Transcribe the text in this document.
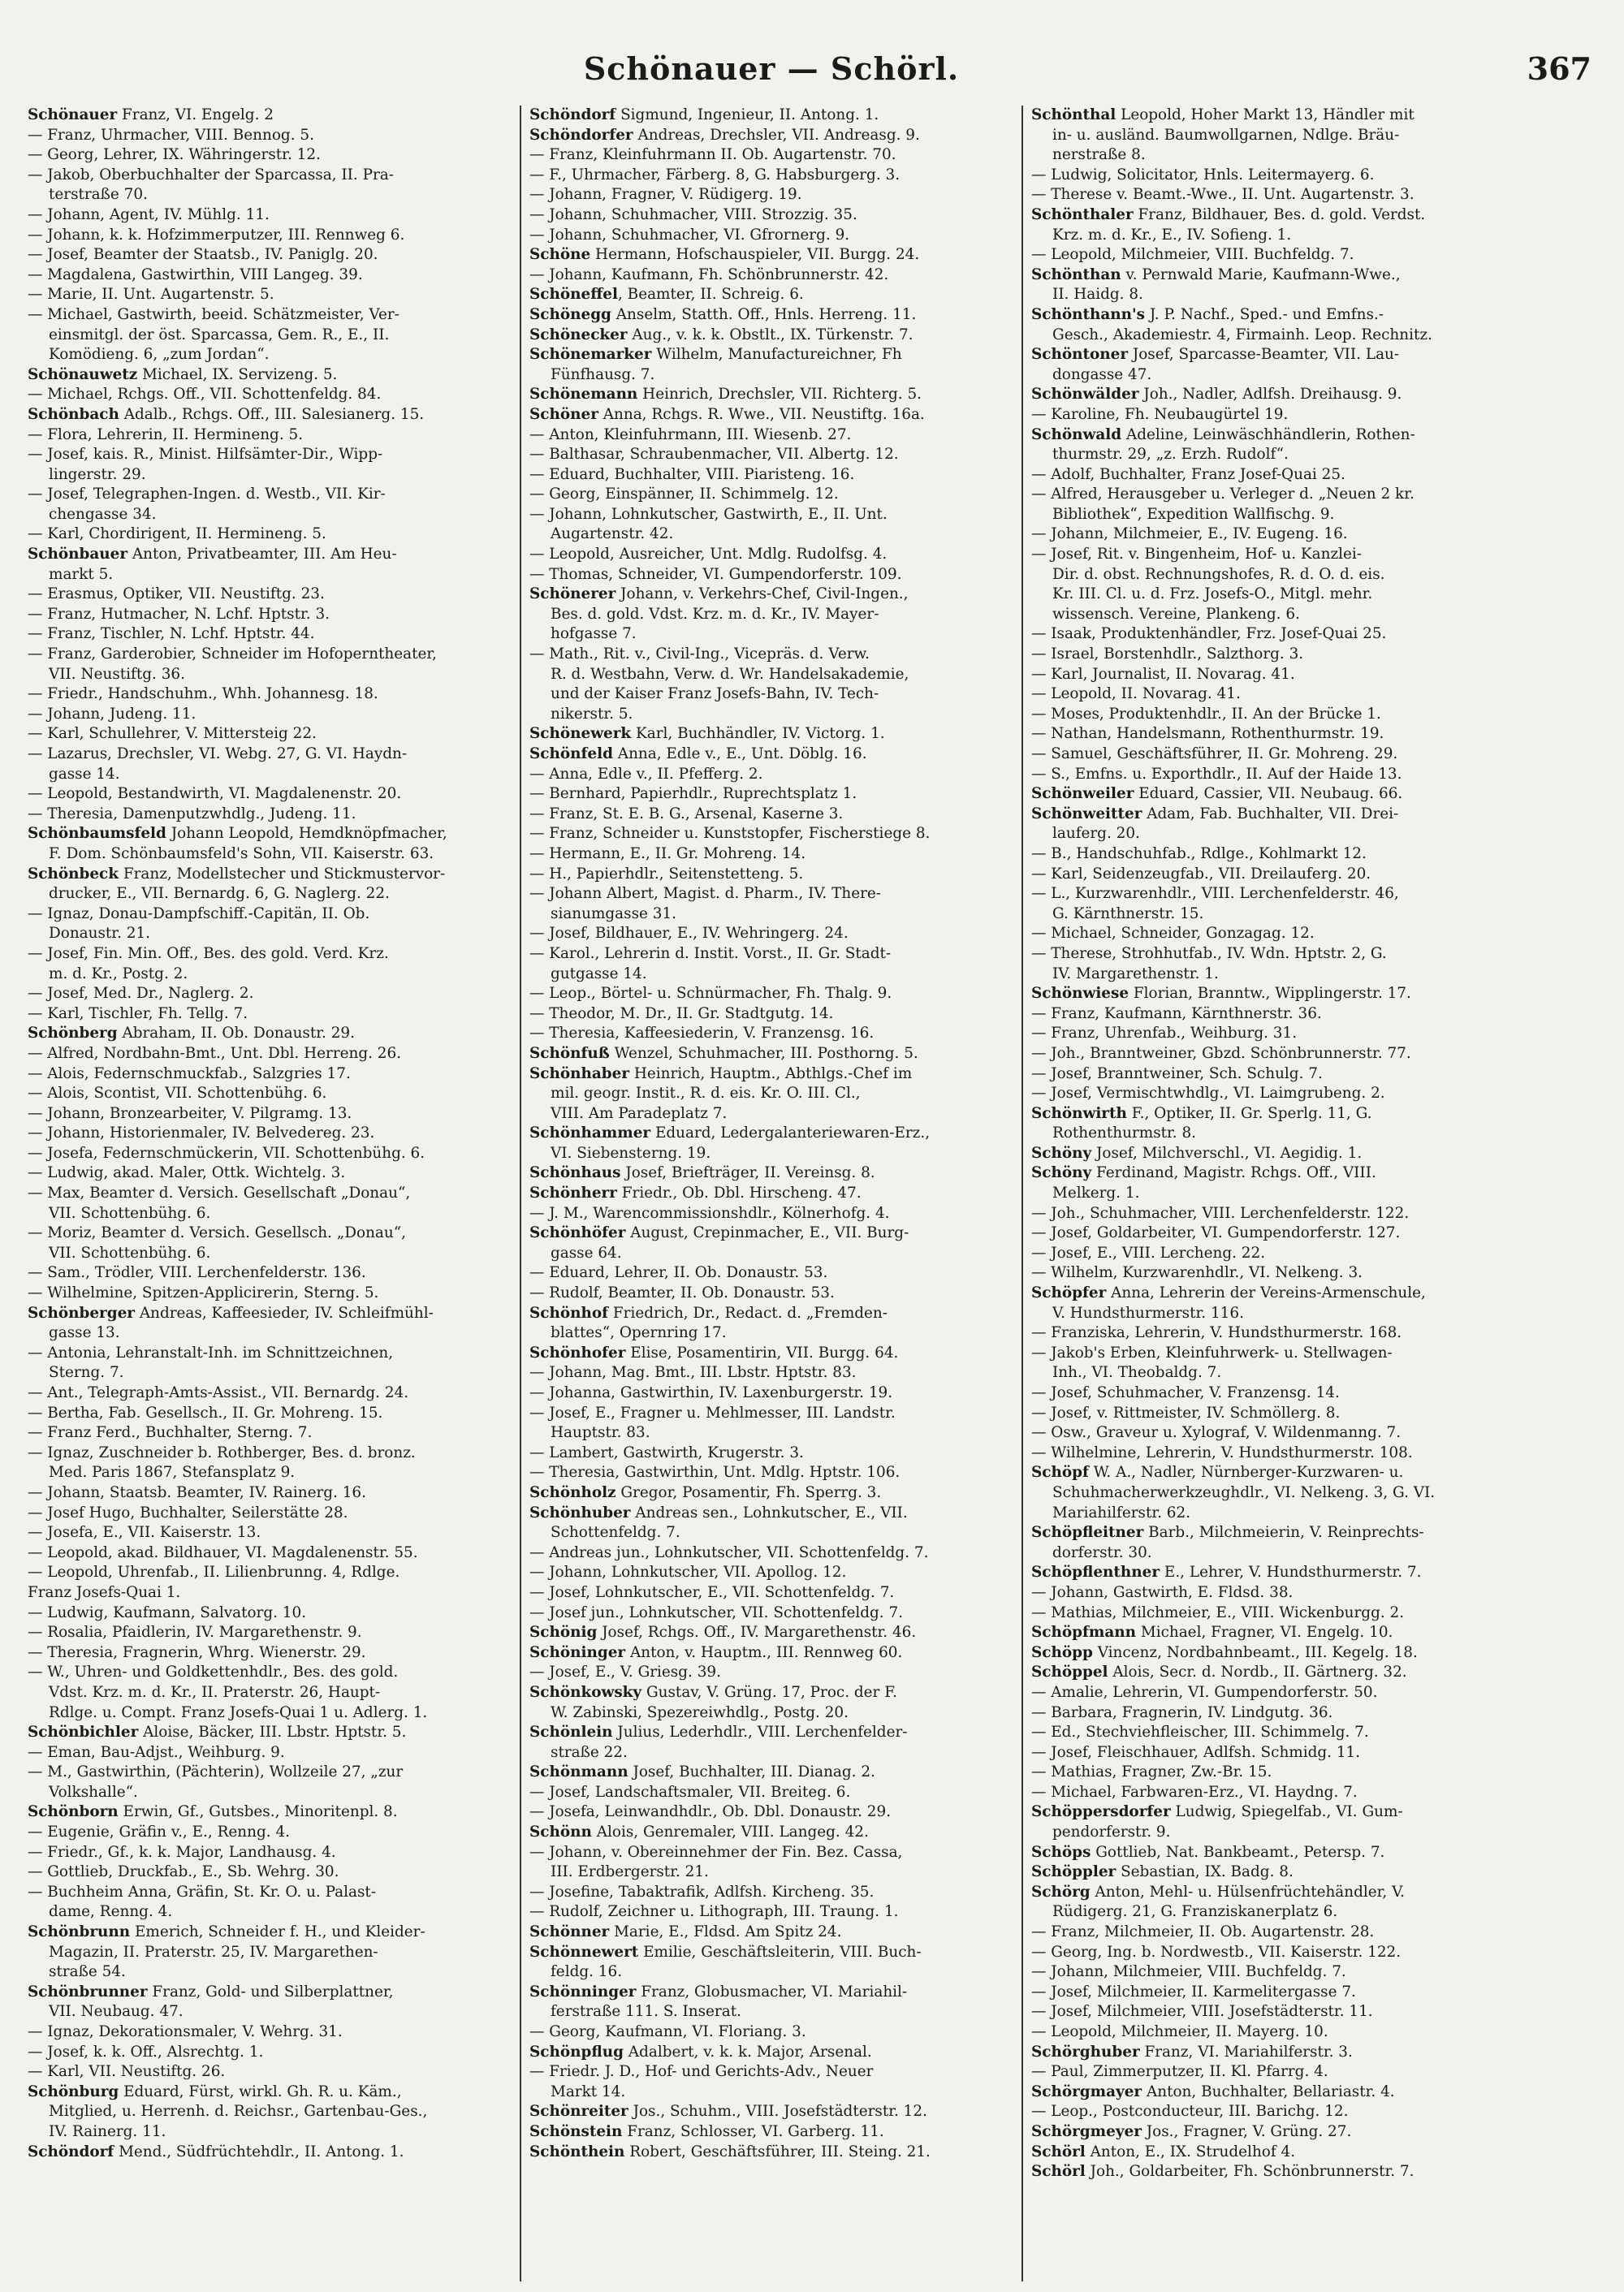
Schönauer — Schörl.	367
Schönauer Franz, VI. Engelg. 2
— Franz, Uhrmacher, VIII. Bennog. 5.
— Georg, Lehrer, IX. Währingerstr. 12.
— Jakob, Oberbuchhalter der Sparcassa, II. Pra-
terstraße 70.
— Johann, Agent, IV. Mühlg. 11.
— Johann, k. k. Hofzimmerputzer, III. Rennweg 6.
— Josef, Beamter der Staatsb., IV. Paniglg. 20.
— Magdalena, Gastwirthin, VIII Langeg. 39.
— Marie, II. Unt. Augartenstr. 5.
— Michael, Gastwirth, beeid. Schätzmeister, Ver-
einsmitgl. der öst. Sparcassa, Gem. R., E., II.
Komödieng. 6, „zum Jordan“.
Schönauwetz Michael, IX. Servizeng. 5.
— Michael, Rchgs. Off., VII. Schottenfeldg. 84.
Schönbach Adalb., Rchgs. Off., III. Salesianerg. 15.
— Flora, Lehrerin, II. Hermineng. 5.
— Josef, kais. R., Minist. Hilfsämter-Dir., Wipp-
lingerstr. 29.
— Josef, Telegraphen-Ingen. d. Westb., VII. Kir-
chengasse 34.
— Karl, Chordirigent, II. Hermineng. 5.
Schönbauer Anton, Privatbeamter, III. Am Heu-
markt 5.
— Erasmus, Optiker, VII. Neustiftg. 23.
— Franz, Hutmacher, N. Lchf. Hptstr. 3.
— Franz, Tischler, N. Lchf. Hptstr. 44.
— Franz, Garderobier, Schneider im Hofoperntheater,
VII. Neustiftg. 36.
— Friedr., Handschuhm., Whh. Johannesg. 18.
— Johann, Judeng. 11.
— Karl, Schullehrer, V. Mittersteig 22.
— Lazarus, Drechsler, VI. Webg. 27, G. VI. Haydn-
gasse 14.
— Leopold, Bestandwirth, VI. Magdalenenstr. 20.
— Theresia, Damenputzwhdlg., Judeng. 11.
Schönbaumsfeld Johann Leopold, Hemdknöpfmacher,
F. Dom. Schönbaumsfeld's Sohn, VII. Kaiserstr. 63.
Schönbeck Franz, Modellstecher und Stickmustervor-
drucker, E., VII. Bernardg. 6, G. Naglerg. 22.
— Ignaz, Donau-Dampfschiff.-Capitän, II. Ob.
Donaustr. 21.
— Josef, Fin. Min. Off., Bes. des gold. Verd. Krz.
m. d. Kr., Postg. 2.
— Josef, Med. Dr., Naglerg. 2.
— Karl, Tischler, Fh. Tellg. 7.
Schönberg Abraham, II. Ob. Donaustr. 29.
— Alfred, Nordbahn-Bmt., Unt. Dbl. Herreng. 26.
— Alois, Federnschmuckfab., Salzgries 17.
— Alois, Scontist, VII. Schottenbühg. 6.
— Johann, Bronzearbeiter, V. Pilgramg. 13.
— Johann, Historienmaler, IV. Belvedereg. 23.
— Josefa, Federnschmückerin, VII. Schottenbühg. 6.
— Ludwig, akad. Maler, Ottk. Wichtelg. 3.
— Max, Beamter d. Versich. Gesellschaft „Donau“,
VII. Schottenbühg. 6.
— Moriz, Beamter d. Versich. Gesellsch. „Donau“,
VII. Schottenbühg. 6.
— Sam., Trödler, VIII. Lerchenfelderstr. 136.
— Wilhelmine, Spitzen-Applicirerin, Sterng. 5.
Schönberger Andreas, Kaffeesieder, IV. Schleifmühl-
gasse 13.
— Antonia, Lehranstalt-Inh. im Schnittzeichnen,
Sterng. 7.
— Ant., Telegraph-Amts-Assist., VII. Bernardg. 24.
— Bertha, Fab. Gesellsch., II. Gr. Mohreng. 15.
— Franz Ferd., Buchhalter, Sterng. 7.
— Ignaz, Zuschneider b. Rothberger, Bes. d. bronz.
Med. Paris 1867, Stefansplatz 9.
— Johann, Staatsb. Beamter, IV. Rainerg. 16.
— Josef Hugo, Buchhalter, Seilerstätte 28.
— Josefa, E., VII. Kaiserstr. 13.
— Leopold, akad. Bildhauer, VI. Magdalenenstr. 55.
— Leopold, Uhrenfab., II. Lilienbrunng. 4, Rdlge.
Franz Josefs-Quai 1.
— Ludwig, Kaufmann, Salvatorg. 10.
— Rosalia, Pfaidlerin, IV. Margarethenstr. 9.
— Theresia, Fragnerin, Whrg. Wienerstr. 29.
— W., Uhren- und Goldkettenhdlr., Bes. des gold.
Vdst. Krz. m. d. Kr., II. Praterstr. 26, Haupt-
Rdlge. u. Compt. Franz Josefs-Quai 1 u. Adlerg. 1.
Schönbichler Aloise, Bäcker, III. Lbstr. Hptstr. 5.
— Eman, Bau-Adjst., Weihburg. 9.
— M., Gastwirthin, (Pächterin), Wollzeile 27, „zur
Volkshalle“.
Schönborn Erwin, Gf., Gutsbes., Minoritenpl. 8.
— Eugenie, Gräfin v., E., Renng. 4.
— Friedr., Gf., k. k. Major, Landhausg. 4.
— Gottlieb, Druckfab., E., Sb. Wehrg. 30.
— Buchheim Anna, Gräfin, St. Kr. O. u. Palast-
dame, Renng. 4.
Schönbrunn Emerich, Schneider f. H., und Kleider-
Magazin, II. Praterstr. 25, IV. Margarethen-
straße 54.
Schönbrunner Franz, Gold- und Silberplattner,
VII. Neubaug. 47.
— Ignaz, Dekorationsmaler, V. Wehrg. 31.
— Josef, k. k. Off., Alsrechtg. 1.
— Karl, VII. Neustiftg. 26.
Schönburg Eduard, Fürst, wirkl. Gh. R. u. Käm.,
Mitglied, u. Herrenh. d. Reichsr., Gartenbau-Ges.,
IV. Rainerg. 11.
Schöndorf Mend., Südfrüchtehdlr., II. Antong. 1.
Schöndorf Sigmund, Ingenieur, II. Antong. 1.
Schöndorfer Andreas, Drechsler, VII. Andreasg. 9.
— Franz, Kleinfuhrmann II. Ob. Augartenstr. 70.
— F., Uhrmacher, Färberg. 8, G. Habsburgerg. 3.
— Johann, Fragner, V. Rüdigerg. 19.
— Johann, Schuhmacher, VIII. Strozzig. 35.
— Johann, Schuhmacher, VI. Gfrornerg. 9.
Schöne Hermann, Hofschauspieler, VII. Burgg. 24.
— Johann, Kaufmann, Fh. Schönbrunnerstr. 42.
Schöneffel, Beamter, II. Schreig. 6.
Schönegg Anselm, Statth. Off., Hnls. Herreng. 11.
Schönecker Aug., v. k. k. Obstlt., IX. Türkenstr. 7.
Schönemarker Wilhelm, Manufactureichner, Fh
Fünfhausg. 7.
Schönemann Heinrich, Drechsler, VII. Richterg. 5.
Schöner Anna, Rchgs. R. Wwe., VII. Neustiftg. 16a.
— Anton, Kleinfuhrmann, III. Wiesenb. 27.
— Balthasar, Schraubenmacher, VII. Albertg. 12.
— Eduard, Buchhalter, VIII. Piaristeng. 16.
— Georg, Einspänner, II. Schimmelg. 12.
— Johann, Lohnkutscher, Gastwirth, E., II. Unt.
Augartenstr. 42.
— Leopold, Ausreicher, Unt. Mdlg. Rudolfsg. 4.
— Thomas, Schneider, VI. Gumpendorferstr. 109.
Schönerer Johann, v. Verkehrs-Chef, Civil-Ingen.,
Bes. d. gold. Vdst. Krz. m. d. Kr., IV. Mayer-
hofgasse 7.
— Math., Rit. v., Civil-Ing., Vicepräs. d. Verw.
R. d. Westbahn, Verw. d. Wr. Handelsakademie,
und der Kaiser Franz Josefs-Bahn, IV. Tech-
nikerstr. 5.
Schönewerk Karl, Buchhändler, IV. Victorg. 1.
Schönfeld Anna, Edle v., E., Unt. Döblg. 16.
— Anna, Edle v., II. Pfefferg. 2.
— Bernhard, Papierhdlr., Ruprechtsplatz 1.
— Franz, St. E. B. G., Arsenal, Kaserne 3.
— Franz, Schneider u. Kunststopfer, Fischerstiege 8.
— Hermann, E., II. Gr. Mohreng. 14.
— H., Papierhdlr., Seitenstetteng. 5.
— Johann Albert, Magist. d. Pharm., IV. There-
sianumgasse 31.
— Josef, Bildhauer, E., IV. Wehringerg. 24.
— Karol., Lehrerin d. Instit. Vorst., II. Gr. Stadt-
gutgasse 14.
— Leop., Börtel- u. Schnürmacher, Fh. Thalg. 9.
— Theodor, M. Dr., II. Gr. Stadtgutg. 14.
— Theresia, Kaffeesiederin, V. Franzensg. 16.
Schönfuß Wenzel, Schuhmacher, III. Posthorng. 5.
Schönhaber Heinrich, Hauptm., Abthlgs.-Chef im
mil. geogr. Instit., R. d. eis. Kr. O. III. Cl.,
VIII. Am Paradeplatz 7.
Schönhammer Eduard, Ledergalanteriewaren-Erz.,
VI. Siebensterng. 19.
Schönhaus Josef, Briefträger, II. Vereinsg. 8.
Schönherr Friedr., Ob. Dbl. Hirscheng. 47.
— J. M., Warencommissionshdlr., Kölnerhofg. 4.
Schönhöfer August, Crepinmacher, E., VII. Burg-
gasse 64.
— Eduard, Lehrer, II. Ob. Donaustr. 53.
— Rudolf, Beamter, II. Ob. Donaustr. 53.
Schönhof Friedrich, Dr., Redact. d. „Fremden-
blattes“, Opernring 17.
Schönhofer Elise, Posamentirin, VII. Burgg. 64.
— Johann, Mag. Bmt., III. Lbstr. Hptstr. 83.
— Johanna, Gastwirthin, IV. Laxenburgerstr. 19.
— Josef, E., Fragner u. Mehlmesser, III. Landstr.
Hauptstr. 83.
— Lambert, Gastwirth, Krugerstr. 3.
— Theresia, Gastwirthin, Unt. Mdlg. Hptstr. 106.
Schönholz Gregor, Posamentir, Fh. Sperrg. 3.
Schönhuber Andreas sen., Lohnkutscher, E., VII.
Schottenfeldg. 7.
— Andreas jun., Lohnkutscher, VII. Schottenfeldg. 7.
— Johann, Lohnkutscher, VII. Apollog. 12.
— Josef, Lohnkutscher, E., VII. Schottenfeldg. 7.
— Josef jun., Lohnkutscher, VII. Schottenfeldg. 7.
Schönig Josef, Rchgs. Off., IV. Margarethenstr. 46.
Schöninger Anton, v. Hauptm., III. Rennweg 60.
— Josef, E., V. Griesg. 39.
Schönkowsky Gustav, V. Grüng. 17, Proc. der F.
W. Zabinski, Spezereiwhdlg., Postg. 20.
Schönlein Julius, Lederhdlr., VIII. Lerchenfelder-
straße 22.
Schönmann Josef, Buchhalter, III. Dianag. 2.
— Josef, Landschaftsmaler, VII. Breiteg. 6.
— Josefa, Leinwandhdlr., Ob. Dbl. Donaustr. 29.
Schönn Alois, Genremaler, VIII. Langeg. 42.
— Johann, v. Obereinnehmer der Fin. Bez. Cassa,
III. Erdbergerstr. 21.
— Josefine, Tabaktrafik, Adlfsh. Kircheng. 35.
— Rudolf, Zeichner u. Lithograph, III. Traung. 1.
Schönner Marie, E., Fldsd. Am Spitz 24.
Schönnewert Emilie, Geschäftsleiterin, VIII. Buch-
feldg. 16.
Schönninger Franz, Globusmacher, VI. Mariahil-
ferstraße 111. S. Inserat.
— Georg, Kaufmann, VI. Floriang. 3.
Schönpflug Adalbert, v. k. k. Major, Arsenal.
— Friedr. J. D., Hof- und Gerichts-Adv., Neuer
Markt 14.
Schönreiter Jos., Schuhm., VIII. Josefstädterstr. 12.
Schönstein Franz, Schlosser, VI. Garberg. 11.
Schönthein Robert, Geschäftsführer, III. Steing. 21.
Schönthal Leopold, Hoher Markt 13, Händler mit
in- u. ausländ. Baumwollgarnen, Ndlge. Bräu-
nerstraße 8.
— Ludwig, Solicitator, Hnls. Leitermayerg. 6.
— Therese v. Beamt.-Wwe., II. Unt. Augartenstr. 3.
Schönthaler Franz, Bildhauer, Bes. d. gold. Verdst.
Krz. m. d. Kr., E., IV. Sofieng. 1.
— Leopold, Milchmeier, VIII. Buchfeldg. 7.
Schönthan v. Pernwald Marie, Kaufmann-Wwe.,
II. Haidg. 8.
Schönthann's J. P. Nachf., Sped.- und Emfns.-
Gesch., Akademiestr. 4, Firmainh. Leop. Rechnitz.
Schöntoner Josef, Sparcasse-Beamter, VII. Lau-
dongasse 47.
Schönwälder Joh., Nadler, Adlfsh. Dreihausg. 9.
— Karoline, Fh. Neubaugürtel 19.
Schönwald Adeline, Leinwäschhändlerin, Rothen-
thurmstr. 29, „z. Erzh. Rudolf“.
— Adolf, Buchhalter, Franz Josef-Quai 25.
— Alfred, Herausgeber u. Verleger d. „Neuen 2 kr.
Bibliothek“, Expedition Wallfischg. 9.
— Johann, Milchmeier, E., IV. Eugeng. 16.
— Josef, Rit. v. Bingenheim, Hof- u. Kanzlei-
Dir. d. obst. Rechnungshofes, R. d. O. d. eis.
Kr. III. Cl. u. d. Frz. Josefs-O., Mitgl. mehr.
wissensch. Vereine, Plankeng. 6.
— Isaak, Produktenhändler, Frz. Josef-Quai 25.
— Israel, Borstenhdlr., Salzthorg. 3.
— Karl, Journalist, II. Novarag. 41.
— Leopold, II. Novarag. 41.
— Moses, Produktenhdlr., II. An der Brücke 1.
— Nathan, Handelsmann, Rothenthurmstr. 19.
— Samuel, Geschäftsführer, II. Gr. Mohreng. 29.
— S., Emfns. u. Exporthdlr., II. Auf der Haide 13.
Schönweiler Eduard, Cassier, VII. Neubaug. 66.
Schönweitter Adam, Fab. Buchhalter, VII. Drei-
lauferg. 20.
— B., Handschuhfab., Rdlge., Kohlmarkt 12.
— Karl, Seidenzeugfab., VII. Dreilauferg. 20.
— L., Kurzwarenhdlr., VIII. Lerchenfelderstr. 46,
G. Kärnthnerstr. 15.
— Michael, Schneider, Gonzagag. 12.
— Therese, Strohhutfab., IV. Wdn. Hptstr. 2, G.
IV. Margarethenstr. 1.
Schönwiese Florian, Branntw., Wipplingerstr. 17.
— Franz, Kaufmann, Kärnthnerstr. 36.
— Franz, Uhrenfab., Weihburg. 31.
— Joh., Branntweiner, Gbzd. Schönbrunnerstr. 77.
— Josef, Branntweiner, Sch. Schulg. 7.
— Josef, Vermischtwhdlg., VI. Laimgrubeng. 2.
Schönwirth F., Optiker, II. Gr. Sperlg. 11, G.
Rothenthurmstr. 8.
Schöny Josef, Milchverschl., VI. Aegidig. 1.
Schöny Ferdinand, Magistr. Rchgs. Off., VIII.
Melkerg. 1.
— Joh., Schuhmacher, VIII. Lerchenfelderstr. 122.
— Josef, Goldarbeiter, VI. Gumpendorferstr. 127.
— Josef, E., VIII. Lercheng. 22.
— Wilhelm, Kurzwarenhdlr., VI. Nelkeng. 3.
Schöpfer Anna, Lehrerin der Vereins-Armenschule,
V. Hundsthurmerstr. 116.
— Franziska, Lehrerin, V. Hundsthurmerstr. 168.
— Jakob's Erben, Kleinfuhrwerk- u. Stellwagen-
Inh., VI. Theobaldg. 7.
— Josef, Schuhmacher, V. Franzensg. 14.
— Josef, v. Rittmeister, IV. Schmöllerg. 8.
— Osw., Graveur u. Xylograf, V. Wildenmanng. 7.
— Wilhelmine, Lehrerin, V. Hundsthurmerstr. 108.
Schöpf W. A., Nadler, Nürnberger-Kurzwaren- u.
Schuhmacherwerkzeughdlr., VI. Nelkeng. 3, G. VI.
Mariahilferstr. 62.
Schöpfleitner Barb., Milchmeierin, V. Reinprechts-
dorferstr. 30.
Schöpflenthner E., Lehrer, V. Hundsthurmerstr. 7.
— Johann, Gastwirth, E. Fldsd. 38.
— Mathias, Milchmeier, E., VIII. Wickenburgg. 2.
Schöpfmann Michael, Fragner, VI. Engelg. 10.
Schöpp Vincenz, Nordbahnbeamt., III. Kegelg. 18.
Schöppel Alois, Secr. d. Nordb., II. Gärtnerg. 32.
— Amalie, Lehrerin, VI. Gumpendorferstr. 50.
— Barbara, Fragnerin, IV. Lindgutg. 36.
— Ed., Stechviehfleischer, III. Schimmelg. 7.
— Josef, Fleischhauer, Adlfsh. Schmidg. 11.
— Mathias, Fragner, Zw.-Br. 15.
— Michael, Farbwaren-Erz., VI. Haydng. 7.
Schöppersdorfer Ludwig, Spiegelfab., VI. Gum-
pendorferstr. 9.
Schöps Gottlieb, Nat. Bankbeamt., Petersp. 7.
Schöppler Sebastian, IX. Badg. 8.
Schörg Anton, Mehl- u. Hülsenfrüchtehändler, V.
Rüdigerg. 21, G. Franziskanerplatz 6.
— Franz, Milchmeier, II. Ob. Augartenstr. 28.
— Georg, Ing. b. Nordwestb., VII. Kaiserstr. 122.
— Johann, Milchmeier, VIII. Buchfeldg. 7.
— Josef, Milchmeier, II. Karmelitergasse 7.
— Josef, Milchmeier, VIII. Josefstädterstr. 11.
— Leopold, Milchmeier, II. Mayerg. 10.
Schörghuber Franz, VI. Mariahilferstr. 3.
— Paul, Zimmerputzer, II. Kl. Pfarrg. 4.
Schörgmayer Anton, Buchhalter, Bellariastr. 4.
— Leop., Postconducteur, III. Barichg. 12.
Schörgmeyer Jos., Fragner, V. Grüng. 27.
Schörl Anton, E., IX. Strudelhof 4.
Schörl Joh., Goldarbeiter, Fh. Schönbrunnerstr. 7.
